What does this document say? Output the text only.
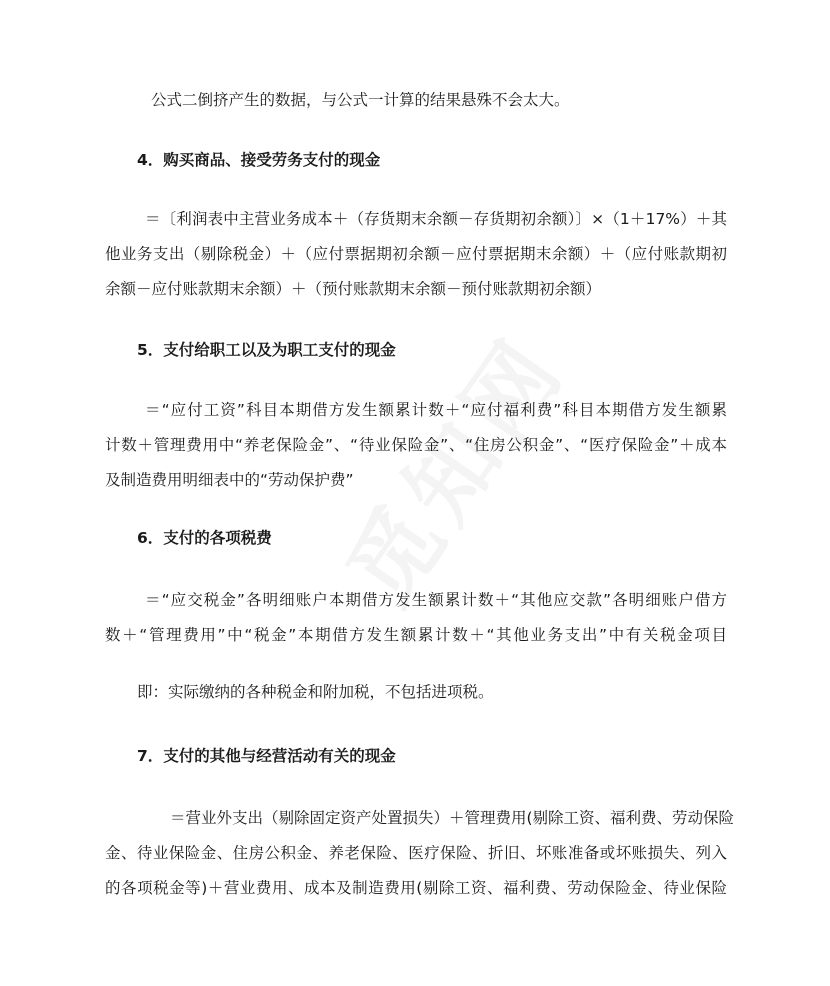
公式二倒挤产生的数据，与公式一计算的结果悬殊不会太大。
4．购买商品、接受劳务支付的现金
＝〔利润表中主营业务成本＋（存货期末余额－存货期初余额）〕×（1＋17%）＋其
他业务支出（剔除税金）＋（应付票据期初余额－应付票据期末余额）＋（应付账款期初
余额－应付账款期末余额）＋（预付账款期末余额－预付账款期初余额）
5．支付给职工以及为职工支付的现金
＝“应付工资”科目本期借方发生额累计数＋“应付福利费”科目本期借方发生额累
计数＋管理费用中“养老保险金”、“待业保险金”、“住房公积金”、“医疗保险金”＋成本
及制造费用明细表中的“劳动保护费”
6．支付的各项税费
＝“应交税金”各明细账户本期借方发生额累计数＋“其他应交款”各明细账户借方
数＋“管理费用”中“税金”本期借方发生额累计数＋“其他业务支出”中有关税金项目
即：实际缴纳的各种税金和附加税，不包括进项税。
7．支付的其他与经营活动有关的现金
＝营业外支出（剔除固定资产处置损失）＋管理费用(剔除工资、福利费、劳动保险
金、待业保险金、住房公积金、养老保险、医疗保险、折旧、坏账准备或坏账损失、列入
的各项税金等)＋营业费用、成本及制造费用(剔除工资、福利费、劳动保险金、待业保险
